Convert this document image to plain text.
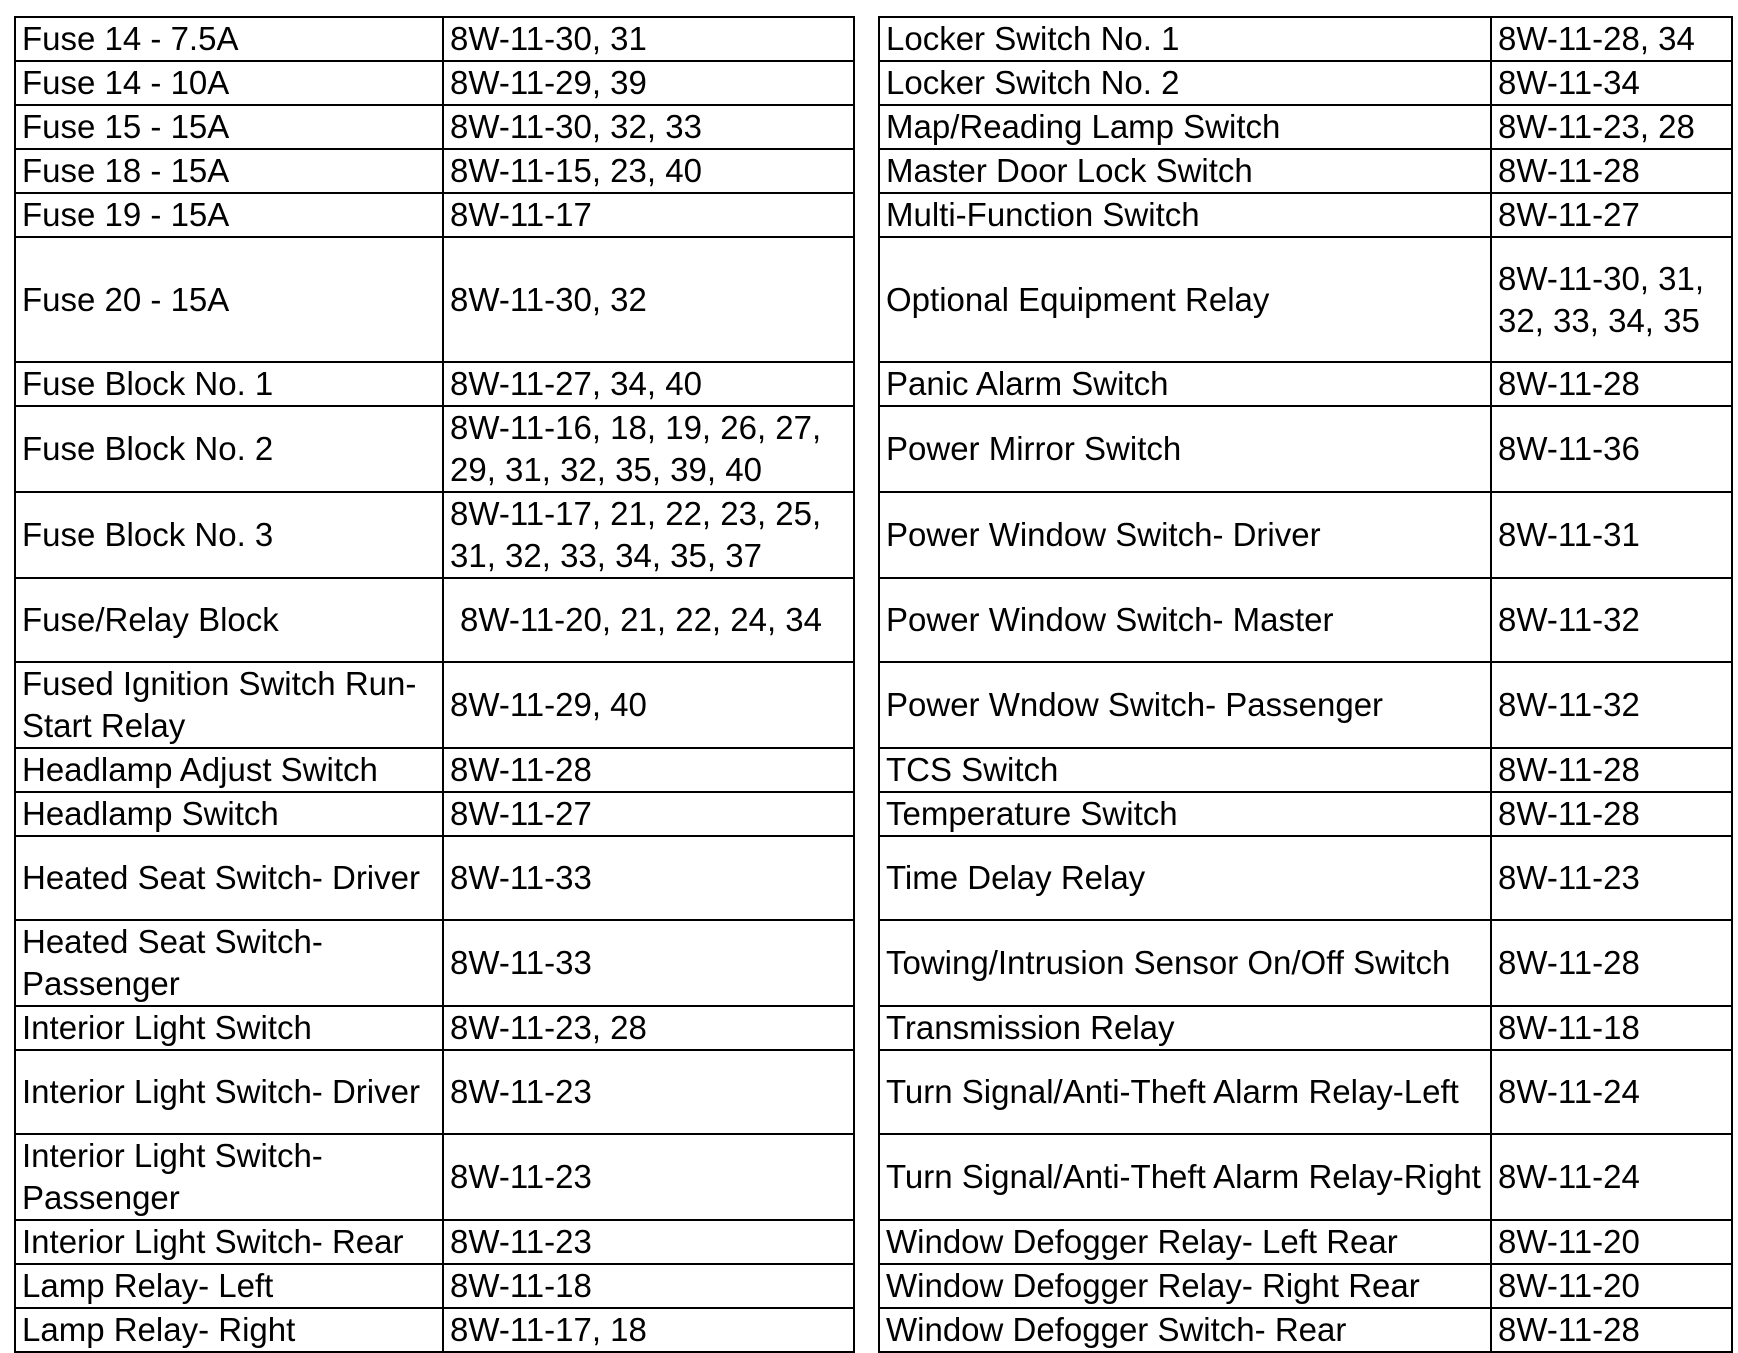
Fuse 14 - 7.5A	8W-11-30, 31		Locker Switch No. 1	8W-11-28, 34
Fuse 14 - 10A	8W-11-29, 39		Locker Switch No. 2	8W-11-34
Fuse 15 - 15A	8W-11-30, 32, 33		Map/Reading Lamp Switch	8W-11-23, 28
Fuse 18 - 15A	8W-11-15, 23, 40		Master Door Lock Switch	8W-11-28
Fuse 19 - 15A	8W-11-17		Multi-Function Switch	8W-11-27
Fuse 20 - 15A	8W-11-30, 32		Optional Equipment Relay	8W-11-30, 31, 32, 33, 34, 35
Fuse Block No. 1	8W-11-27, 34, 40		Panic Alarm Switch	8W-11-28
Fuse Block No. 2	8W-11-16, 18, 19, 26, 27, 29, 31, 32, 35, 39, 40		Power Mirror Switch	8W-11-36
Fuse Block No. 3	8W-11-17, 21, 22, 23, 25, 31, 32, 33, 34, 35, 37		Power Window Switch- Driver	8W-11-31
Fuse/Relay Block	8W-11-20, 21, 22, 24, 34		Power Window Switch- Master	8W-11-32
Fused Ignition Switch Run-Start Relay	8W-11-29, 40		Power Wndow Switch- Passenger	8W-11-32
Headlamp Adjust Switch	8W-11-28		TCS Switch	8W-11-28
Headlamp Switch	8W-11-27		Temperature Switch	8W-11-28
Heated Seat Switch- Driver	8W-11-33		Time Delay Relay	8W-11-23
Heated Seat Switch- Passenger	8W-11-33		Towing/Intrusion Sensor On/Off Switch	8W-11-28
Interior Light Switch	8W-11-23, 28		Transmission Relay	8W-11-18
Interior Light Switch- Driver	8W-11-23		Turn Signal/Anti-Theft Alarm Relay-Left	8W-11-24
Interior Light Switch- Passenger	8W-11-23		Turn Signal/Anti-Theft Alarm Relay-Right	8W-11-24
Interior Light Switch- Rear	8W-11-23		Window Defogger Relay- Left Rear	8W-11-20
Lamp Relay- Left	8W-11-18		Window Defogger Relay- Right Rear	8W-11-20
Lamp Relay- Right	8W-11-17, 18		Window Defogger Switch- Rear	8W-11-28
